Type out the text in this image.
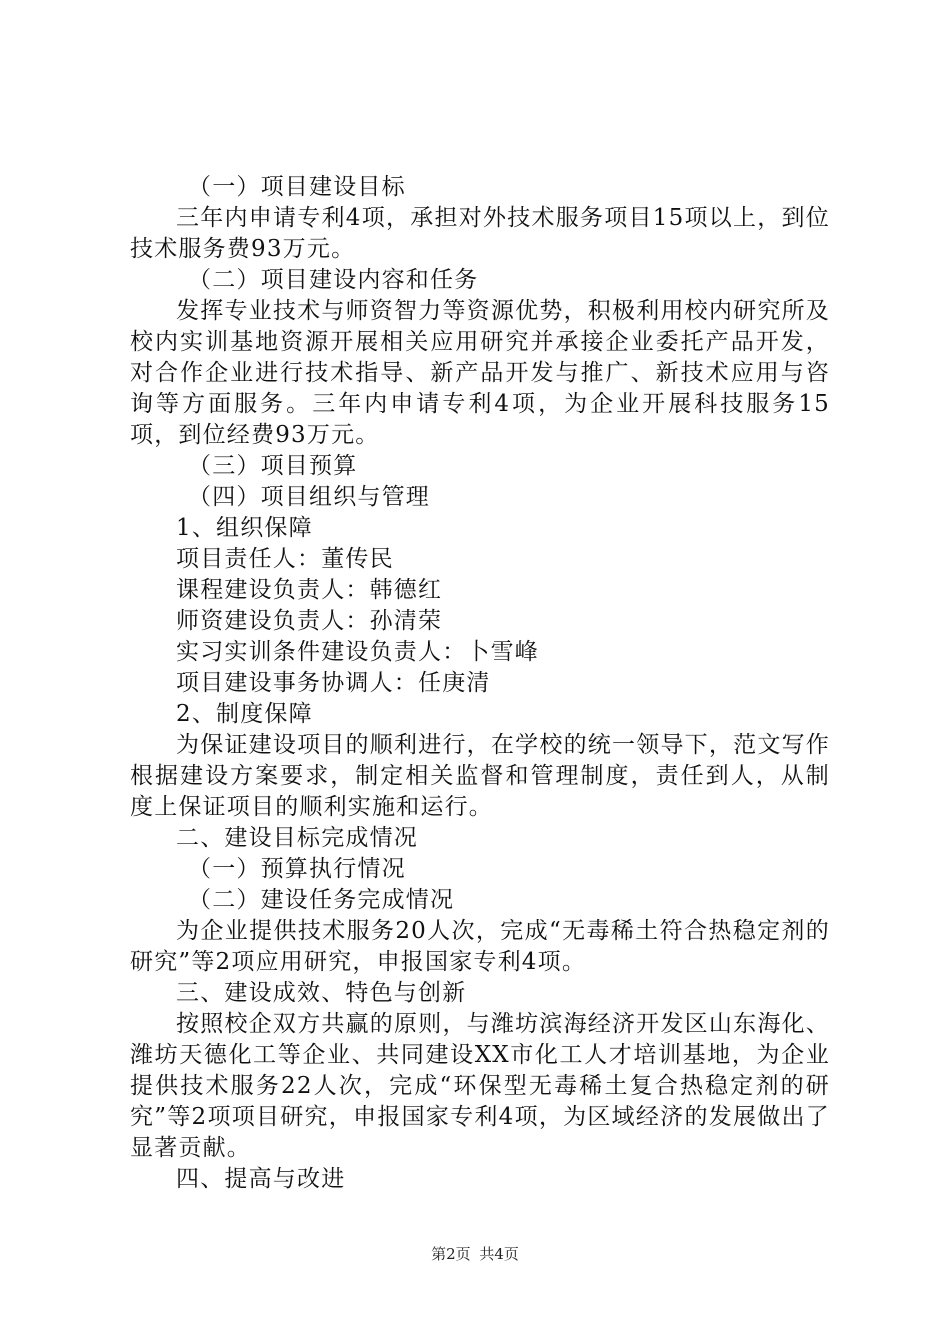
（一）项目建设目标

三年内申请专利4项，承担对外技术服务项目15项以上，到位技术服务费93万元。

（二）项目建设内容和任务

发挥专业技术与师资智力等资源优势，积极利用校内研究所及校内实训基地资源开展相关应用研究并承接企业委托产品开发，对合作企业进行技术指导、新产品开发与推广、新技术应用与咨询等方面服务。三年内申请专利4项，为企业开展科技服务15项，到位经费93万元。

（三）项目预算

（四）项目组织与管理

1、组织保障

项目责任人：董传民

课程建设负责人：韩德红

师资建设负责人：孙清荣

实习实训条件建设负责人：卜雪峰

项目建设事务协调人：任庚清

2、制度保障

为保证建设项目的顺利进行，在学校的统一领导下，范文写作根据建设方案要求，制定相关监督和管理制度，责任到人，从制度上保证项目的顺利实施和运行。

二、建设目标完成情况

（一）预算执行情况

（二）建设任务完成情况

为企业提供技术服务20人次，完成“无毒稀土符合热稳定剂的研究”等2项应用研究，申报国家专利4项。

三、建设成效、特色与创新

按照校企双方共赢的原则，与潍坊滨海经济开发区山东海化、潍坊天德化工等企业、共同建设XX市化工人才培训基地，为企业提供技术服务22人次，完成“环保型无毒稀土复合热稳定剂的研究”等2项项目研究，申报国家专利4项，为区域经济的发展做出了显著贡献。

四、提高与改进

第2页 共4页
